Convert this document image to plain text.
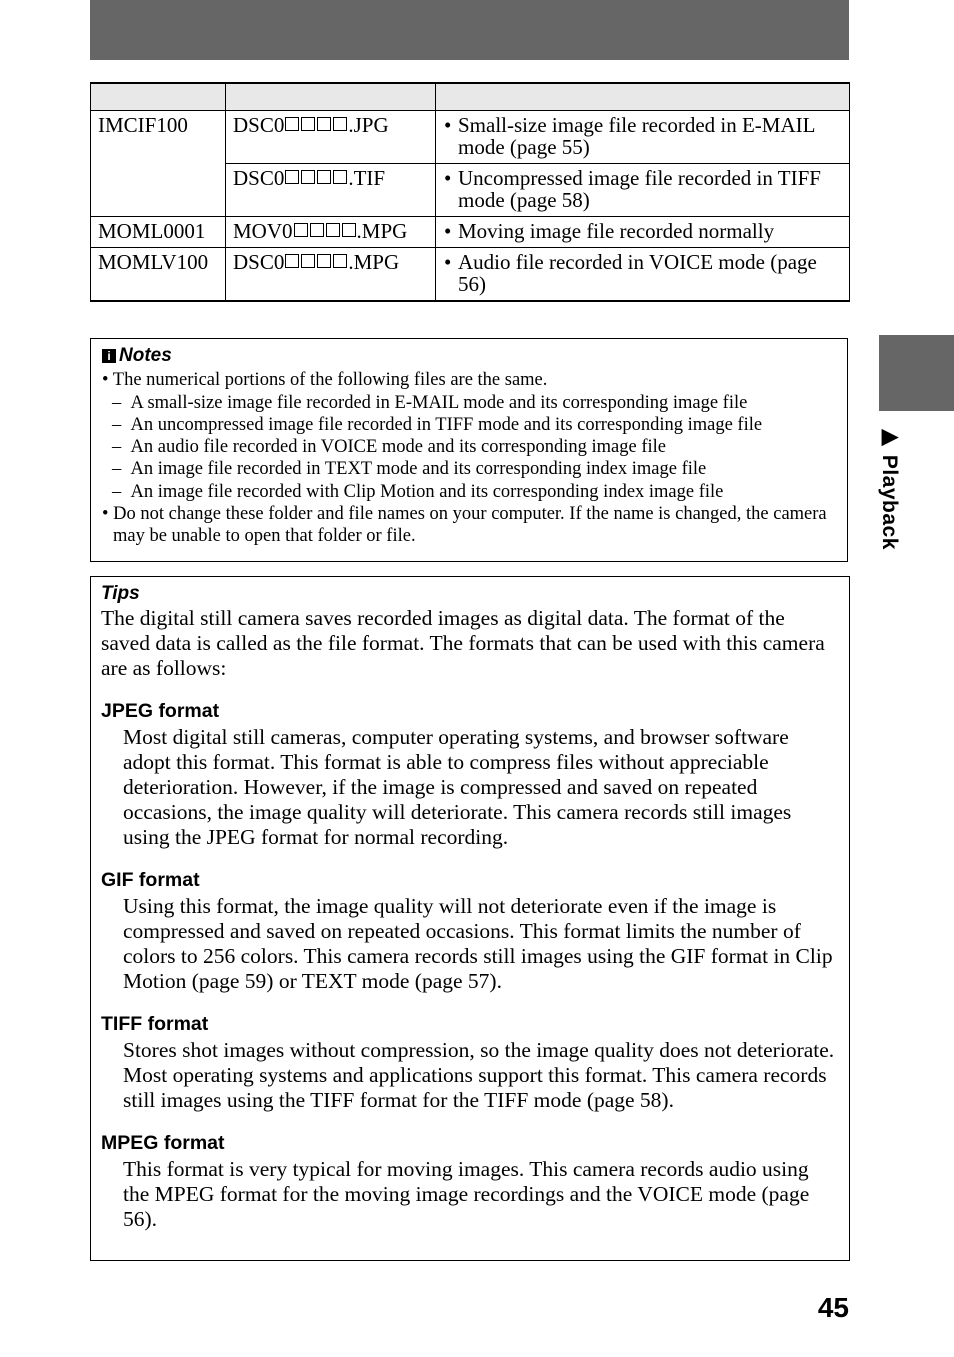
IMCIF100	DSC0 .JPG	• Small-size image file recorded in E-MAIL mode (page 55)
	DSC0 .TIF	• Uncompressed image file recorded in TIFF mode (page 58)
MOML0001	MOV0 .MPG	• Moving image file recorded normally
MOMLV100	DSC0 .MPG	• Audio file recorded in VOICE mode (page 56)
i Notes
• The numerical portions of the following files are the same.
–  A small-size image file recorded in E-MAIL mode and its corresponding image file
–  An uncompressed image file recorded in TIFF mode and its corresponding image file
–  An audio file recorded in VOICE mode and its corresponding image file
–  An image file recorded in TEXT mode and its corresponding index image file
–  An image file recorded with Clip Motion and its corresponding index image file
• Do not change these folder and file names on your computer. If the name is changed, the camera may be unable to open that folder or file.
Tips

The digital still camera saves recorded images as digital data. The format of the saved data is called as the file format. The formats that can be used with this camera are as follows:

JPEG format

Most digital still cameras, computer operating systems, and browser software adopt this format. This format is able to compress files without appreciable deterioration. However, if the image is compressed and saved on repeated occasions, the image quality will deteriorate. This camera records still images using the JPEG format for normal recording.

GIF format

Using this format, the image quality will not deteriorate even if the image is compressed and saved on repeated occasions. This format limits the number of colors to 256 colors. This camera records still images using the GIF format in Clip Motion (page 59) or TEXT mode (page 57).

TIFF format

Stores shot images without compression, so the image quality does not deteriorate. Most operating systems and applications support this format. This camera records still images using the TIFF format for the TIFF mode (page 58).

MPEG format

This format is very typical for moving images. This camera records audio using the MPEG format for the moving image recordings and the VOICE mode (page 56).

▶ Playback
45
